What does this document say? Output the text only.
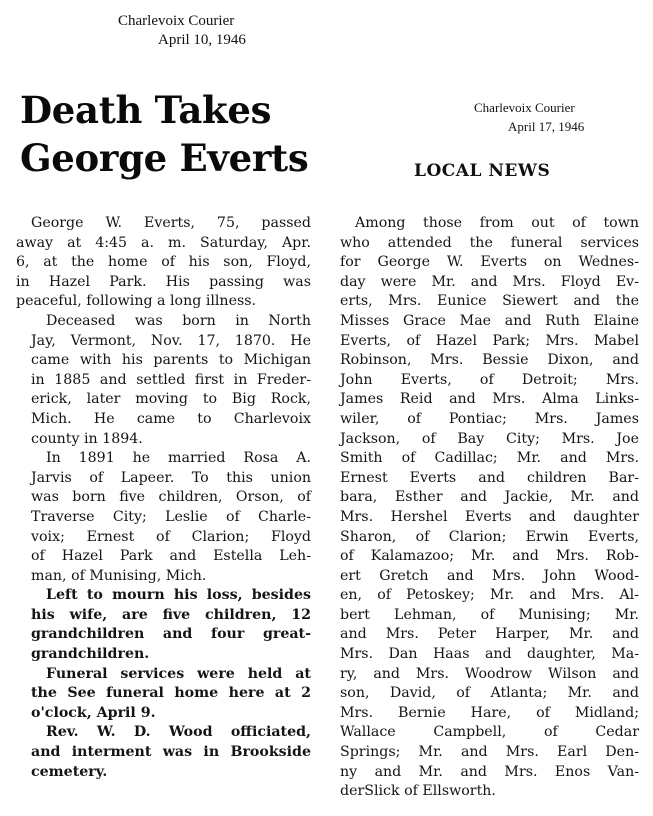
Charlevoix Courier
April 10, 1946
Death Takes
George Everts
Charlevoix Courier
April 17, 1946
LOCAL NEWS

George W. Everts, 75, passed
away at 4:45 a. m. Saturday, Apr.
6, at the home of his son, Floyd,
in Hazel Park. His passing was
peaceful, following a long illness.

Deceased was born in North
Jay, Vermont, Nov. 17, 1870. He
came with his parents to Michigan
in 1885 and settled first in Freder-
erick, later moving to Big Rock,
Mich. He came to Charlevoix
county in 1894.

In 1891 he married Rosa A.
Jarvis of Lapeer. To this union
was born five children, Orson, of
Traverse City; Leslie of Charle-
voix; Ernest of Clarion; Floyd
of Hazel Park and Estella Leh-
man, of Munising, Mich.

Left to mourn his loss, besides
his wife, are five children, 12
grandchildren and four great-
grandchildren.

Funeral services were held at
the See funeral home here at 2
o'clock, April 9.

Rev. W. D. Wood officiated,
and interment was in Brookside
cemetery.

Among those from out of town
who attended the funeral services
for George W. Everts on Wednes-
day were Mr. and Mrs. Floyd Ev-
erts, Mrs. Eunice Siewert and the
Misses Grace Mae and Ruth Elaine
Everts, of Hazel Park; Mrs. Mabel
Robinson, Mrs. Bessie Dixon, and
John Everts, of Detroit; Mrs.
James Reid and Mrs. Alma Links-
wiler, of Pontiac; Mrs. James
Jackson, of Bay City; Mrs. Joe
Smith of Cadillac; Mr. and Mrs.
Ernest Everts and children Bar-
bara, Esther and Jackie, Mr. and
Mrs. Hershel Everts and daughter
Sharon, of Clarion; Erwin Everts,
of Kalamazoo; Mr. and Mrs. Rob-
ert Gretch and Mrs. John Wood-
en, of Petoskey; Mr. and Mrs. Al-
bert Lehman, of Munising; Mr.
and Mrs. Peter Harper, Mr. and
Mrs. Dan Haas and daughter, Ma-
ry, and Mrs. Woodrow Wilson and
son, David, of Atlanta; Mr. and
Mrs. Bernie Hare, of Midland;
Wallace Campbell, of Cedar
Springs; Mr. and Mrs. Earl Den-
ny and Mr. and Mrs. Enos Van-
derSlick of Ellsworth.
